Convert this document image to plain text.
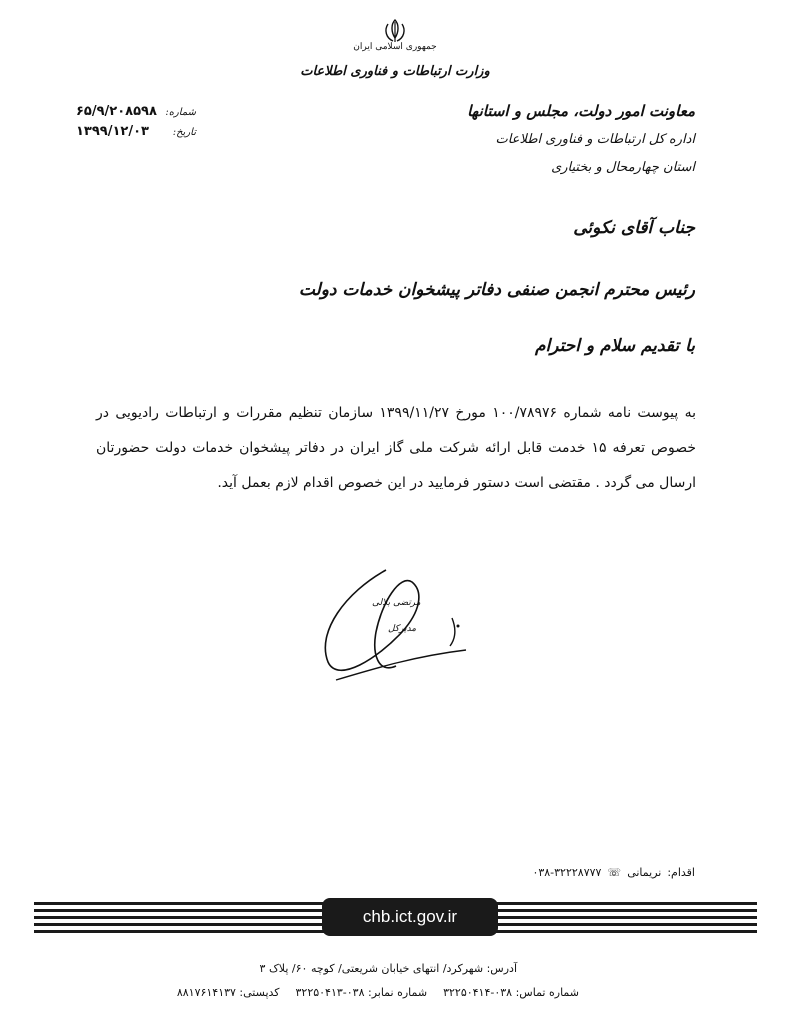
جمهوری اسلامی ایران
وزارت ارتباطات و فناوری اطلاعات
معاونت امور دولت، مجلس و استانها
اداره کل ارتباطات و فناوری اطلاعات
استان چهارمحال و بختیاری
۶۵/۹/۲۰۸۵۹۸ شماره:
۱۳۹۹/۱۲/۰۳ تاریخ:
جناب آقای نکوئی
رئیس محترم انجمن صنفی دفاتر پیشخوان خدمات دولت
با تقدیم سلام و احترام
به پیوست نامه شماره ۱۰۰/۷۸۹۷۶ مورخ ۱۳۹۹/۱۱/۲۷ سازمان تنظیم مقررات و ارتباطات رادیویی در خصوص تعرفه ۱۵ خدمت قابل ارائه شرکت ملی گاز ایران در دفاتر پیشخوان خدمات دولت حضورتان ارسال می گردد . مقتضی است دستور فرمایید در این خصوص اقدام لازم بعمل آید.
مرتضی بلالی
مدیرکل
اقدام:
نریمانی
☏
۰۳۸-۳۲۲۲۸۷۷۷
chb.ict.gov.ir
آدرس: شهرکرد/ انتهای خیابان شریعتی/ کوچه ۶۰/ پلاک ۳
شماره تماس: ۰۳۸-۳۲۲۵۰۴۱۴
شماره نمابر: ۰۳۸-۳۲۲۵۰۴۱۳
کدپستی: ۸۸۱۷۶۱۴۱۳۷
